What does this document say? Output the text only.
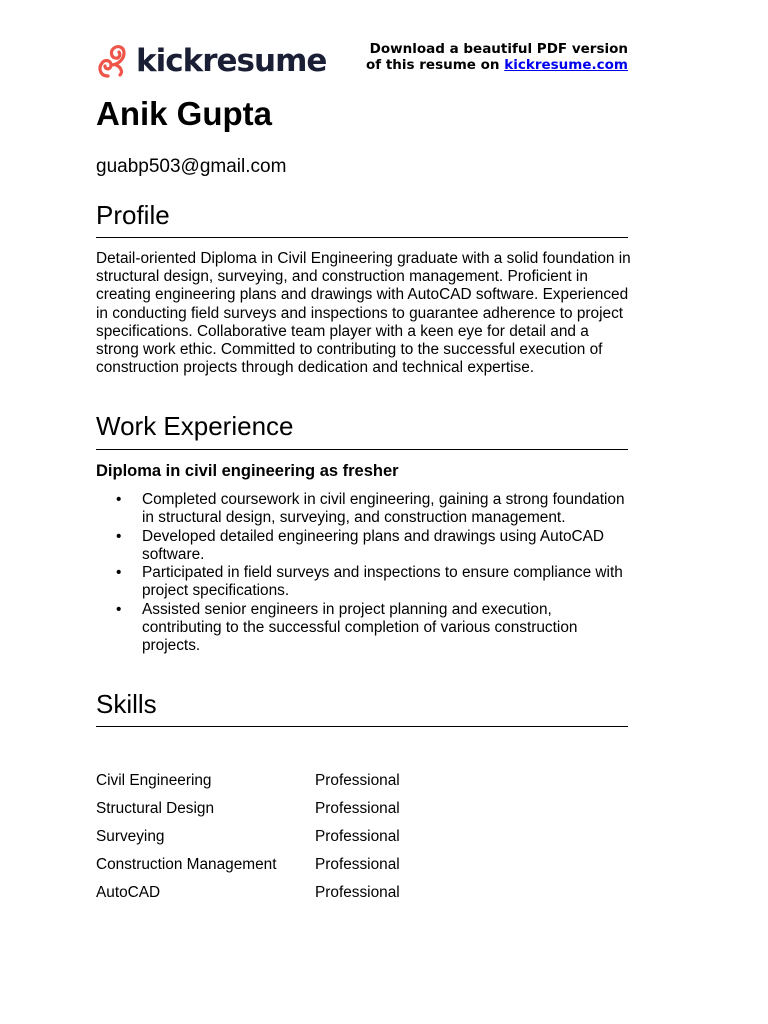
kickresume	Download a beautiful PDF version
of this resume on kickresume.com
Anik Gupta
guabp503@gmail.com
Profile
Detail-oriented Diploma in Civil Engineering graduate with a solid foundation in structural design, surveying, and construction management. Proficient in creating engineering plans and drawings with AutoCAD software. Experienced in conducting field surveys and inspections to guarantee adherence to project specifications. Collaborative team player with a keen eye for detail and a strong work ethic. Committed to contributing to the successful execution of construction projects through dedication and technical expertise.
Work Experience
Diploma in civil engineering as fresher
• Completed coursework in civil engineering, gaining a strong foundation in structural design, surveying, and construction management.
• Developed detailed engineering plans and drawings using AutoCAD software.
• Participated in field surveys and inspections to ensure compliance with project specifications.
• Assisted senior engineers in project planning and execution, contributing to the successful completion of various construction projects.
Skills
Civil Engineering	Professional
Structural Design	Professional
Surveying	Professional
Construction Management	Professional
AutoCAD	Professional
